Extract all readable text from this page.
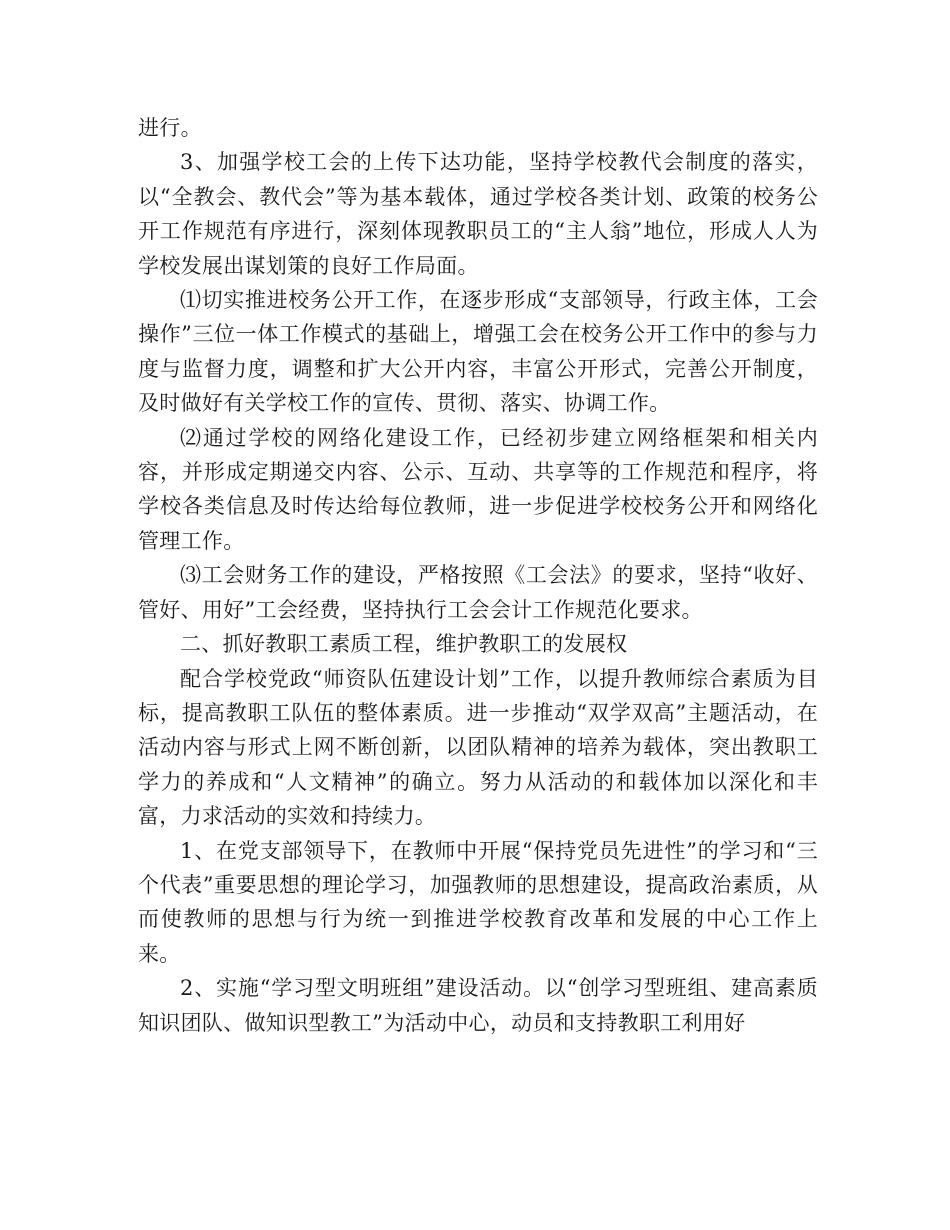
进行。

3、加强学校工会的上传下达功能，坚持学校教代会制度的落实，以“全教会、教代会”等为基本载体，通过学校各类计划、政策的校务公开工作规范有序进行，深刻体现教职员工的“主人翁”地位，形成人人为学校发展出谋划策的良好工作局面。

⑴切实推进校务公开工作，在逐步形成“支部领导，行政主体，工会操作”三位一体工作模式的基础上，增强工会在校务公开工作中的参与力度与监督力度，调整和扩大公开内容，丰富公开形式，完善公开制度，及时做好有关学校工作的宣传、贯彻、落实、协调工作。

⑵通过学校的网络化建设工作，已经初步建立网络框架和相关内容，并形成定期递交内容、公示、互动、共享等的工作规范和程序，将学校各类信息及时传达给每位教师，进一步促进学校校务公开和网络化管理工作。

⑶工会财务工作的建设，严格按照《工会法》的要求，坚持“收好、管好、用好”工会经费，坚持执行工会会计工作规范化要求。

二、抓好教职工素质工程，维护教职工的发展权

配合学校党政“师资队伍建设计划”工作，以提升教师综合素质为目标，提高教职工队伍的整体素质。进一步推动“双学双高”主题活动，在活动内容与形式上网不断创新，以团队精神的培养为载体，突出教职工学力的养成和“人文精神”的确立。努力从活动的和载体加以深化和丰富，力求活动的实效和持续力。

1、在党支部领导下，在教师中开展“保持党员先进性”的学习和“三个代表”重要思想的理论学习，加强教师的思想建设，提高政治素质，从而使教师的思想与行为统一到推进学校教育改革和发展的中心工作上来。

2、实施“学习型文明班组”建设活动。以“创学习型班组、建高素质知识团队、做知识型教工”为活动中心，动员和支持教职工利用好
